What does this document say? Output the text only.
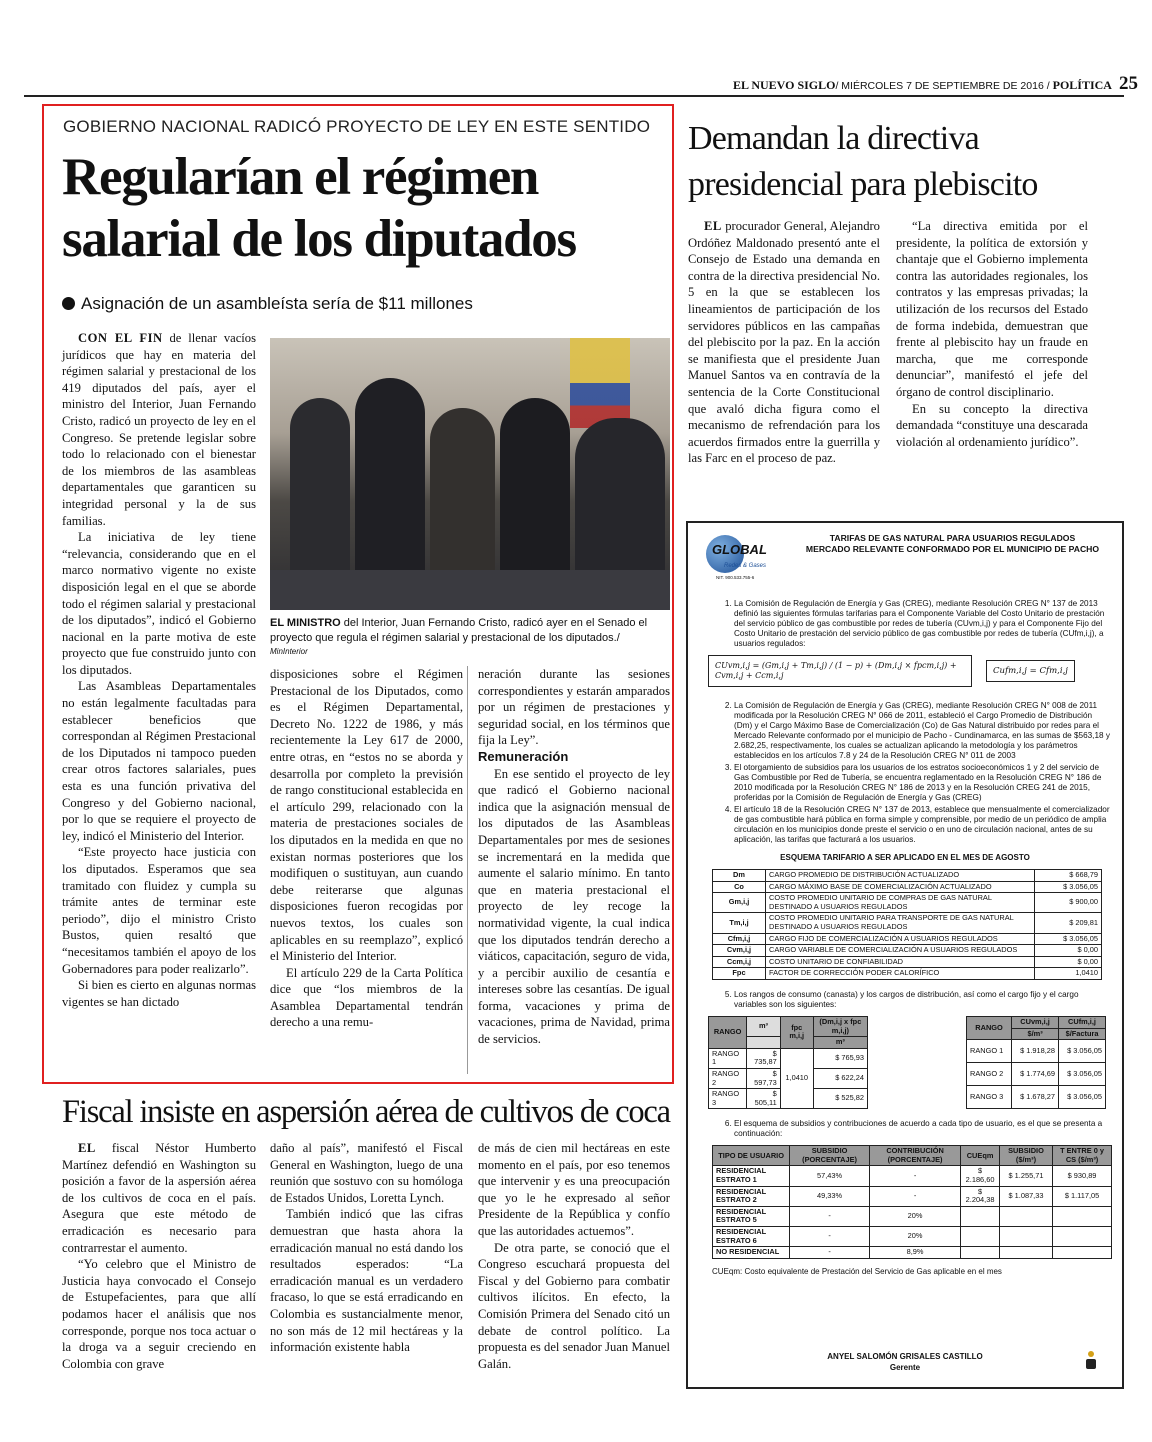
EL NUEVO SIGLO/ MIÉRCOLES 7 DE SEPTIEMBRE DE 2016 / POLÍTICA 25
GOBIERNO NACIONAL RADICÓ PROYECTO DE LEY EN ESTE SENTIDO
Regularían el régimen
salarial de los diputados
Asignación de un asambleísta sería de $11 millones
EL MINISTRO del Interior, Juan Fernando Cristo, radicó ayer en el Senado el proyecto que regula el régimen salarial y prestacional de los diputados./
MinInterior

CON EL FIN de llenar vacíos jurídicos que hay en materia del régimen salarial y prestacional de los 419 diputados del país, ayer el ministro del Interior, Juan Fernando Cristo, radicó un proyecto de ley en el Congreso. Se pretende legislar sobre todo lo relacionado con el bienestar de los miembros de las asambleas departamentales que garanticen su integridad personal y la de sus familias.

La iniciativa de ley tiene “relevancia, considerando que en el marco normativo vigente no existe disposición legal en el que se aborde todo el régimen salarial y prestacional de los diputados”, indicó el Gobierno nacional en la parte motiva de este proyecto que fue construido junto con los diputados.

Las Asambleas Departamentales no están legalmente facultadas para establecer beneficios que correspondan al Régimen Prestacional de los Diputados ni tampoco pueden crear otros factores salariales, pues esta es una función privativa del Congreso y del Gobierno nacional, por lo que se requiere el proyecto de ley, indicó el Ministerio del Interior.

“Este proyecto hace justicia con los diputados. Esperamos que sea tramitado con fluidez y cumpla su trámite antes de terminar este periodo”, dijo el ministro Cristo Bustos, quien resaltó que “necesitamos también el apoyo de los Gobernadores para poder realizarlo”.

Si bien es cierto en algunas normas vigentes se han dictado

disposiciones sobre el Régimen Prestacional de los Diputados, como es el Régimen Departamental, Decreto No. 1222 de 1986, y más recientemente la Ley 617 de 2000, entre otras, en “estos no se aborda y desarrolla por completo la previsión de rango constitucional establecida en el artículo 299, relacionado con la materia de prestaciones sociales de los diputados en la medida en que no existan normas posteriores que los modifiquen o sustituyan, aun cuando debe reiterarse que algunas disposiciones fueron recogidas por nuevos textos, los cuales son aplicables en su reemplazo”, explicó el Ministerio del Interior.

El artículo 229 de la Carta Política dice que “los miembros de la Asamblea Departamental tendrán derecho a una remu-

neración durante las sesiones correspondientes y estarán amparados por un régimen de prestaciones y seguridad social, en los términos que fija la Ley”.

Remuneración

En ese sentido el proyecto de ley que radicó el Gobierno nacional indica que la asignación mensual de los diputados de las Asambleas Departamentales por mes de sesiones se incrementará en la medida que aumente el salario mínimo. En tanto que en materia prestacional el proyecto de ley recoge la normatividad vigente, la cual indica que los diputados tendrán derecho a viáticos, capacitación, seguro de vida, y a percibir auxilio de cesantía e intereses sobre las cesantías. De igual forma, vacaciones y prima de vacaciones, prima de Navidad, prima de servicios.

Demandan la directiva
presidencial para plebiscito

EL procurador General, Alejandro Ordóñez Maldonado presentó ante el Consejo de Estado una demanda en contra de la directiva presidencial No. 5 en la que se establecen los lineamientos de participación de los servidores públicos en las campañas del plebiscito por la paz. En la acción se manifiesta que el presidente Juan Manuel Santos va en contravía de la sentencia de la Corte Constitucional que avaló dicha figura como el mecanismo de refrendación para los acuerdos firmados entre la guerrilla y las Farc en el proceso de paz.

“La directiva emitida por el presidente, la política de extorsión y chantaje que el Gobierno implementa contra las autoridades regionales, los contratos y las empresas privadas; la utilización de los recursos del Estado de forma indebida, demuestran que frente al plebiscito hay un fraude en marcha, que me corresponde denunciar”, manifestó el jefe del órgano de control disciplinario.

En su concepto la directiva demandada “constituye una descarada violación al ordenamiento jurídico”.

Fiscal insiste en aspersión aérea de cultivos de coca

EL fiscal Néstor Humberto Martínez defendió en Washington su posición a favor de la aspersión aérea de los cultivos de coca en el país. Asegura que este método de erradicación es necesario para contrarrestar el aumento.

“Yo celebro que el Ministro de Justicia haya convocado el Consejo de Estupefacientes, para que allí podamos hacer el análisis que nos corresponde, porque nos toca actuar o la droga va a seguir creciendo en Colombia con grave

daño al país”, manifestó el Fiscal General en Washington, luego de una reunión que sostuvo con su homóloga de Estados Unidos, Loretta Lynch.

También indicó que las cifras demuestran que hasta ahora la erradicación manual no está dando los resultados esperados: “La erradicación manual es un verdadero fracaso, lo que se está erradicando en Colombia es sustancialmente menor, no son más de 12 mil hectáreas y la información existente habla

de más de cien mil hectáreas en este momento en el país, por eso tenemos que intervenir y es una preocupación que yo le he expresado al señor Presidente de la República y confío que las autoridades actuemos”.

De otra parte, se conoció que el Congreso escuchará propuesta del Fiscal y del Gobierno para combatir cultivos ilícitos. En efecto, la Comisión Primera del Senado citó un debate de control político. La propuesta es del senador Juan Manuel Galán.

GLOBAL
Redes & Gases
NIT. 900.533.755-6
TARIFAS DE GAS NATURAL PARA USUARIOS REGULADOS
MERCADO RELEVANTE CONFORMADO POR EL MUNICIPIO DE PACHO
1. La Comisión de Regulación de Energía y Gas (CREG), mediante Resolución CREG N° 137 de 2013 definió las siguientes fórmulas tarifarias para el Componente Variable del Costo Unitario de prestación del servicio público de gas combustible por redes de tubería (CUvm,i,j) y para el Componente Fijo del Costo Unitario de prestación del servicio público de gas combustible por redes de tubería (CUfm,i,j), a usuarios regulados:
CUvm,i,j = (Gm,i,j + Tm,i,j) / (1 − p) + (Dm,i,j × fpcm,i,j) + Cvm,i,j + Ccm,i,j	Cufm,i,j = Cfm,i,j
2. La Comisión de Regulación de Energía y Gas (CREG), mediante Resolución CREG N° 008 de 2011 modificada por la Resolución CREG N° 066 de 2011, estableció el Cargo Promedio de Distribución (Dm) y el Cargo Máximo Base de Comercialización (Co) de Gas Natural distribuido por redes para el Mercado Relevante conformado por el municipio de Pacho - Cundinamarca, en las sumas de $563,18 y 2.682,25, respectivamente, los cuales se actualizan aplicando la metodología y los parámetros establecidos en los artículos 7.8 y 24 de la Resolución CREG N° 011 de 2003
3. El otorgamiento de subsidios para los usuarios de los estratos socioeconómicos 1 y 2 del servicio de Gas Combustible por Red de Tubería, se encuentra reglamentado en la Resolución CREG N° 186 de 2010 modificada por la Resolución CREG N° 186 de 2013 y en la Resolución CREG 241 de 2015, proferidas por la Comisión de Regulación de Energía y Gas (CREG)
4. El artículo 18 de la Resolución CREG N° 137 de 2013, establece que mensualmente el comercializador de gas combustible hará pública en forma simple y comprensible, por medio de un periódico de amplia circulación en los municipios donde preste el servicio o en uno de circulación nacional, antes de su aplicación, las tarifas que facturará a los usuarios.
ESQUEMA TARIFARIO A SER APLICADO EN EL MES DE AGOSTO
Dm	CARGO PROMEDIO DE DISTRIBUCIÓN ACTUALIZADO	$ 668,79
Co	CARGO MÁXIMO BASE DE COMERCIALIZACIÓN ACTUALIZADO	$ 3.056,05
Gm,i,j	COSTO PROMEDIO UNITARIO DE COMPRAS DE GAS NATURAL DESTINADO A USUARIOS REGULADOS	$ 900,00
Tm,i,j	COSTO PROMEDIO UNITARIO PARA TRANSPORTE DE GAS NATURAL DESTINADO A USUARIOS REGULADOS	$ 209,81
Cfm,i,j	CARGO FIJO DE COMERCIALIZACIÓN A USUARIOS REGULADOS	$ 3.056,05
Cvm,i,j	CARGO VARIABLE DE COMERCIALIZACIÓN A USUARIOS REGULADOS	$ 0,00
Ccm,i,j	COSTO UNITARIO DE CONFIABILIDAD	$ 0,00
Fpc	FACTOR DE CORRECCIÓN PODER CALORÍFICO	1,0410
5. Los rangos de consumo (canasta) y los cargos de distribución, así como el cargo fijo y el cargo variables son los siguientes:
RANGO	m³	fpc m,i,j	(Dm,i,j x fpc m,i,j)
			m³
RANGO 1	$ 735,87	1,0410	$ 765,93
RANGO 2	$ 597,73		$ 622,24
RANGO 3	$ 505,11		$ 525,82
RANGO	CUvm,i,j	CUfm,i,j
	$/m³	$/Factura
RANGO 1	$ 1.918,28	$ 3.056,05
RANGO 2	$ 1.774,69	$ 3.056,05
RANGO 3	$ 1.678,27	$ 3.056,05
6. El esquema de subsidios y contribuciones de acuerdo a cada tipo de usuario, es el que se presenta a continuación:
TIPO DE USUARIO	SUBSIDIO (PORCENTAJE)	CONTRIBUCIÓN (PORCENTAJE)	CUEqm	SUBSIDIO ($/m³)	T ENTRE 0 y CS ($/m³)
RESIDENCIAL ESTRATO 1	57,43%	-	$ 2.186,60	$ 1.255,71	$ 930,89
RESIDENCIAL ESTRATO 2	49,33%	-	$ 2.204,38	$ 1.087,33	$ 1.117,05
RESIDENCIAL ESTRATO 5	-	20%			
RESIDENCIAL ESTRATO 6	-	20%			
NO RESIDENCIAL	-	8,9%			
CUEqm: Costo equivalente de Prestación del Servicio de Gas aplicable en el mes
ANYEL SALOMÓN GRISALES CASTILLO
Gerente
